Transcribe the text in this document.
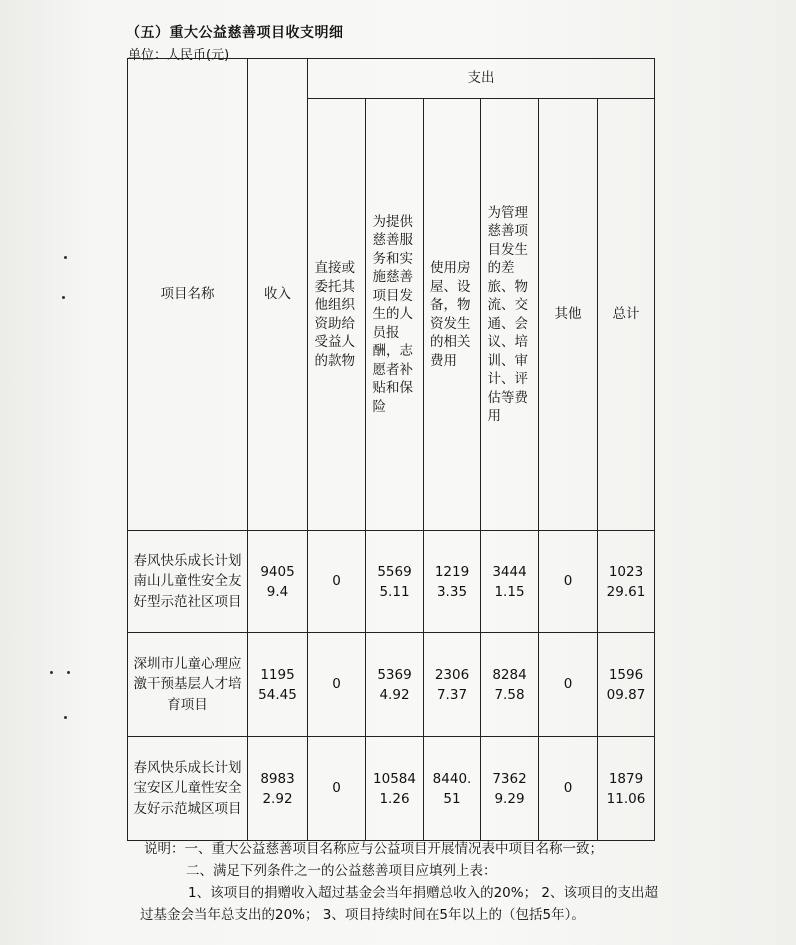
（五）重大公益慈善项目收支明细
单位：人民币(元)
项目名称	收入	支出					
		直接或委托其他组织资助给受益人的款物	为提供慈善服务和实施慈善项目发生的人员报酬，志愿者补贴和保险	使用房屋、设备，物资发生的相关费用	为管理慈善项目发生的差旅、物流、交通、会议、培训、审计、评估等费用	其他	总计
春风快乐成长计划南山儿童性安全友好型示范社区项目	94059.4	0	55695.11	12193.35	34441.15	0	102329.61
深圳市儿童心理应激干预基层人才培育项目	119554.45	0	53694.92	23067.37	82847.58	0	159609.87
春风快乐成长计划宝安区儿童性安全友好示范城区项目	89832.92	0	105841.26	8440.51	73629.29	0	187911.06
说明：一、重大公益慈善项目名称应与公益项目开展情况表中项目名称一致；
二、满足下列条件之一的公益慈善项目应填列上表：
1、该项目的捐赠收入超过基金会当年捐赠总收入的20%； 2、该项目的支出超
过基金会当年总支出的20%； 3、项目持续时间在5年以上的（包括5年）。
